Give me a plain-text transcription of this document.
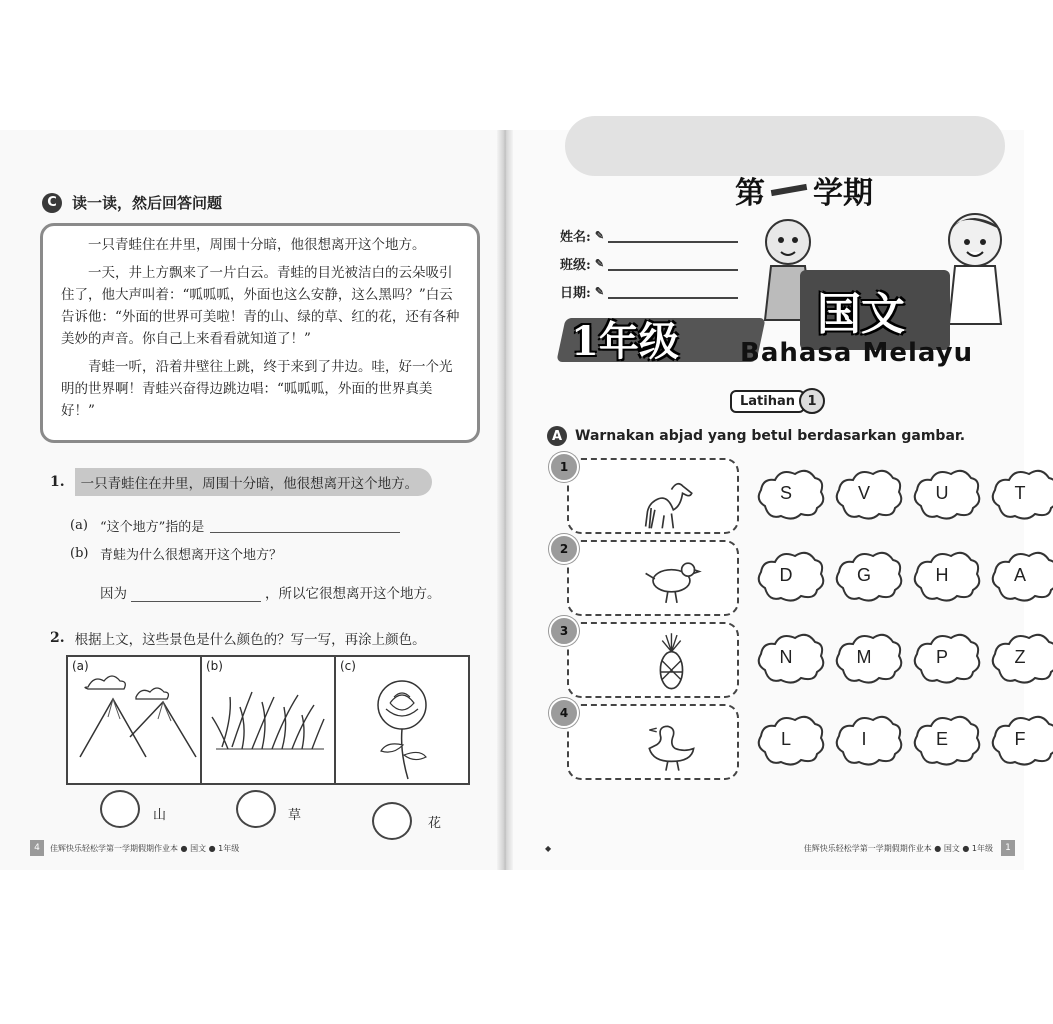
C	读一读，然后回答问题

一只青蛙住在井里，周围十分暗，他很想离开这个地方。

一天，井上方飘来了一片白云。青蛙的目光被洁白的云朵吸引住了，他大声叫着：“呱呱呱，外面也这么安静，这么黑吗？”白云告诉他：“外面的世界可美啦！青的山、绿的草、红的花，还有各种美妙的声音。你自己上来看看就知道了！”

青蛙一听，沿着井壁往上跳，终于来到了井边。哇，好一个光明的世界啊！青蛙兴奋得边跳边唱：“呱呱呱，外面的世界真美好！”

1.	一只青蛙住在井里，周围十分暗，他很想离开这个地方。
(a) “这个地方”指的是
(b) 青蛙为什么很想离开这个地方？
因为	，所以它很想离开这个地方。
2. 根据上文，这些景色是什么颜色的？写一写，再涂上颜色。
(a)	(b)	(c)
山	草
花
4	佳辉快乐轻松学第一学期假期作业本 ● 国文 ● 1年级
第 学期
姓名: ✎
班级: ✎
日期: ✎
1年级
国文
Bahasa Melayu
Latihan 1
A Warnakan abjad yang betul berdasarkan gambar.
1
S	V	U	T
2
D	G	H	A
3
N	M	P	Z
4
L	I	E	F
◆	佳辉快乐轻松学第一学期假期作业本 ● 国文 ● 1年级	1
